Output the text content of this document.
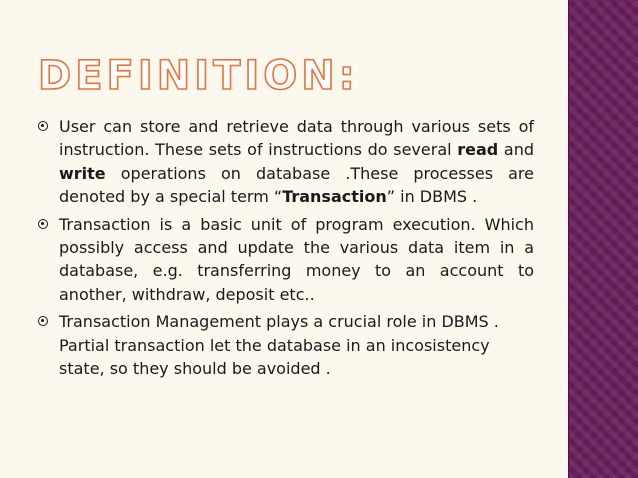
DEFINITION:
User can store and retrieve data through various sets of instruction. These sets of instructions do several read and write operations on database .These processes are denoted by a special term “Transaction” in DBMS .
Transaction is a basic unit of program execution. Which possibly access and update the various data item in a database, e.g. transferring money to an account to another, withdraw, deposit etc..
Transaction Management plays a crucial role in DBMS . Partial transaction let the database in an incosistency state, so they should be avoided .
